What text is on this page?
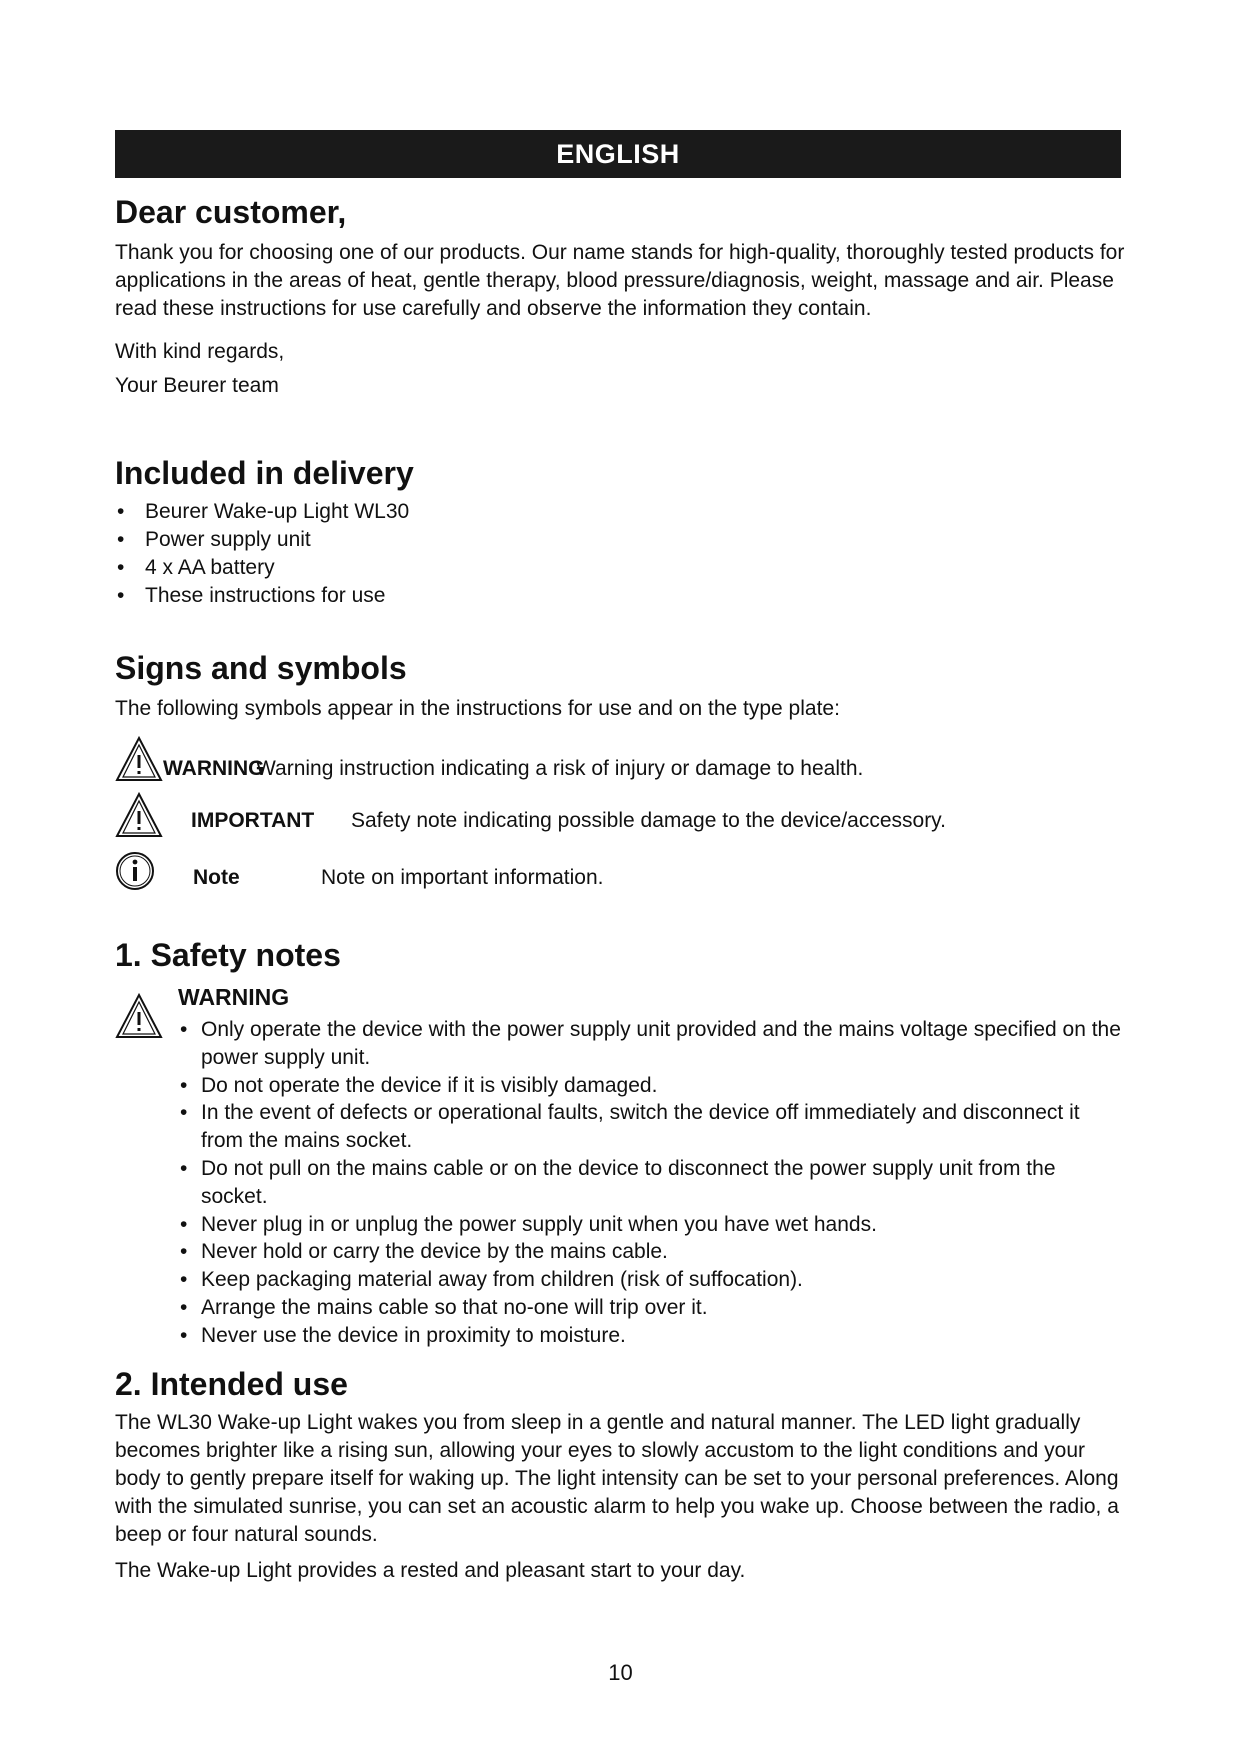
ENGLISH
Dear customer,

Thank you for choosing one of our products. Our name stands for high-quality, thoroughly tested products for applications in the areas of heat, gentle therapy, blood pressure/diagnosis, weight, massage and air. Please read these instructions for use carefully and observe the information they contain.

With kind regards,

Your Beurer team

Included in delivery
• Beurer Wake-up Light WL30
• Power supply unit
• 4 x AA battery
• These instructions for use
Signs and symbols

The following symbols appear in the instructions for use and on the type plate:

WARNING
Warning instruction indicating a risk of injury or damage to health.
IMPORTANT Safety note indicating possible damage to the device/accessory.
Note	Note on important information.
1. Safety notes
WARNING
• Only operate the device with the power supply unit provided and the mains voltage specified on the power supply unit.
• Do not operate the device if it is visibly damaged.
• In the event of defects or operational faults, switch the device off immediately and disconnect it from the mains socket.
• Do not pull on the mains cable or on the device to disconnect the power supply unit from the socket.
• Never plug in or unplug the power supply unit when you have wet hands.
• Never hold or carry the device by the mains cable.
• Keep packaging material away from children (risk of suffocation).
• Arrange the mains cable so that no-one will trip over it.
• Never use the device in proximity to moisture.
2. Intended use

The WL30 Wake-up Light wakes you from sleep in a gentle and natural manner. The LED light gradually becomes brighter like a rising sun, allowing your eyes to slowly accustom to the light conditions and your body to gently prepare itself for waking up. The light intensity can be set to your personal preferences. Along with the simulated sunrise, you can set an acoustic alarm to help you wake up. Choose between the radio, a beep or four natural sounds.

The Wake-up Light provides a rested and pleasant start to your day.

10
